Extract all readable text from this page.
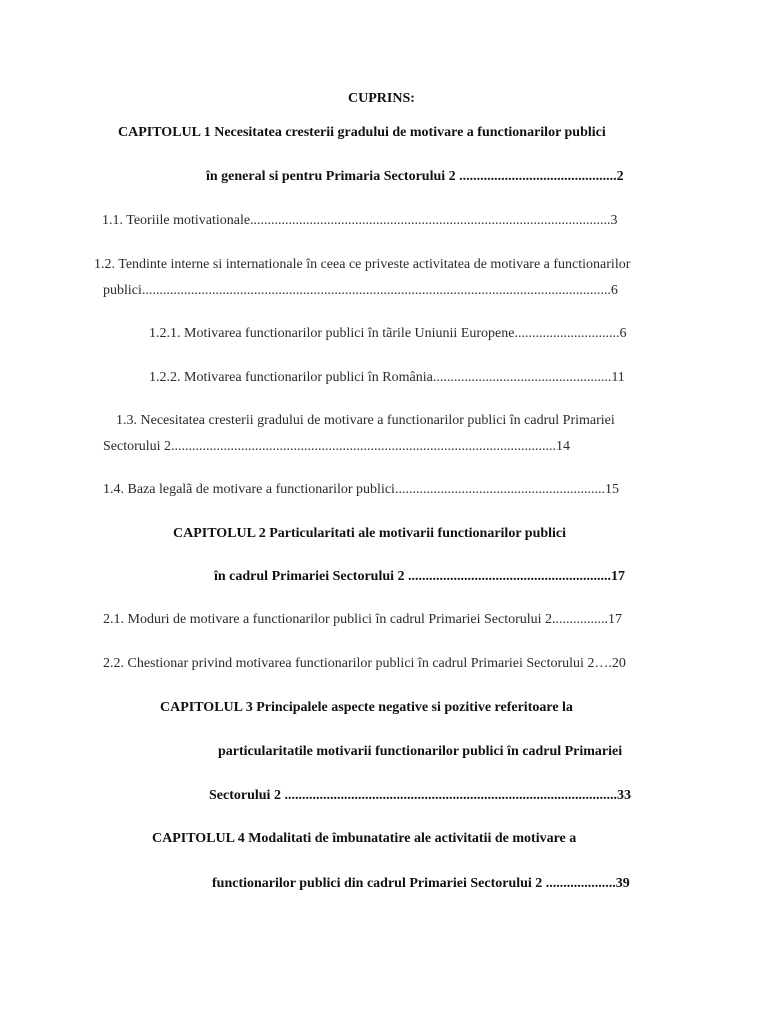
CUPRINS:
CAPITOLUL 1 Necesitatea cresterii gradului de motivare a functionarilor publici
în general si pentru Primaria Sectorului 2 .............................................2
1.1. Teoriile motivationale.......................................................................................................3
1.2. Tendinte interne si internationale în ceea ce priveste activitatea de motivare a functionarilor
publici......................................................................................................................................6
1.2.1. Motivarea functionarilor publici în tãrile Uniunii Europene..............................6
1.2.2. Motivarea functionarilor publici în România...................................................11
1.3. Necesitatea cresterii gradului de motivare a functionarilor publici în cadrul Primariei
Sectorului 2..............................................................................................................14
1.4. Baza legalã de motivare a functionarilor publici............................................................15
CAPITOLUL 2 Particularitati ale motivarii functionarilor publici
în cadrul Primariei Sectorului 2 ..........................................................17
2.1. Moduri de motivare a functionarilor publici în cadrul Primariei Sectorului 2................17
2.2. Chestionar privind motivarea functionarilor publici în cadrul Primariei Sectorului 2….20
CAPITOLUL 3 Principalele aspecte negative si pozitive referitoare la
particularitatile motivarii functionarilor publici în cadrul Primariei
Sectorului 2 ...............................................................................................33
CAPITOLUL 4 Modalitati de îmbunatatire ale activitatii de motivare a
functionarilor publici din cadrul Primariei Sectorului 2 ....................39
